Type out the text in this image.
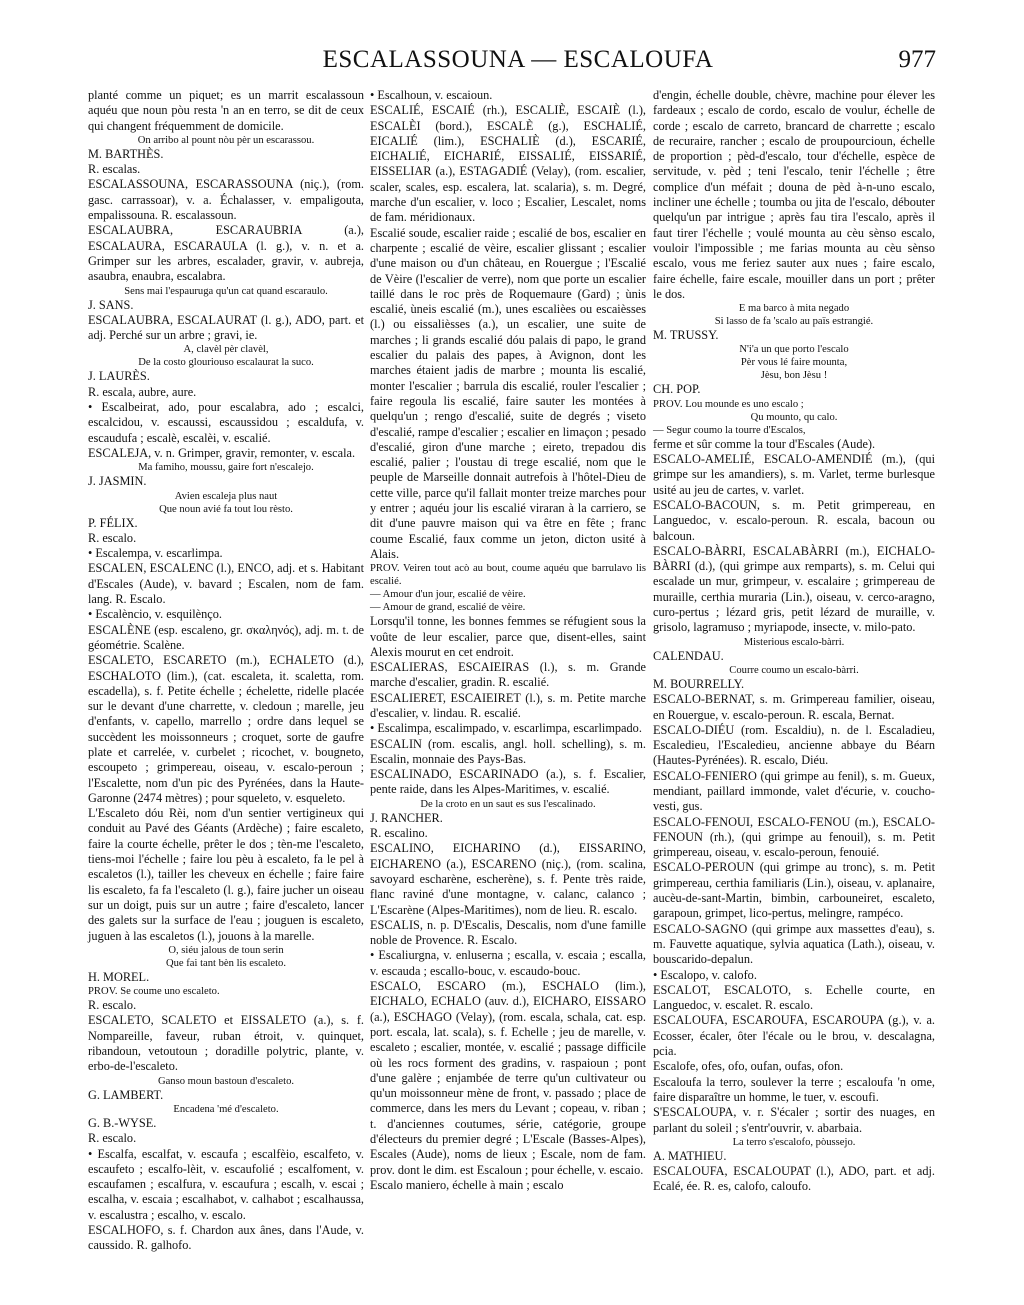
ESCALASSOUNA — ESCALOUFA	977

planté comme un piquet; es un marrit escalassoun aquéu que noun pòu resta 'n an en terro, se dit de ceux qui changent fréquemment de domicile.

On arribo al pount nòu pèr un escarassou.

M. BARTHÈS.

R. escalas.

ESCALASSOUNA, ESCARASSOUNA (niç.), (rom. gasc. carrassoar), v. a. Échalasser, v. empaligouta, empalissouna. R. escalassoun.

ESCALAUBRA, ESCARAUBRIA (a.), ESCALAURA, ESCARAULA (l. g.), v. n. et a. Grimper sur les arbres, escalader, gravir, v. aubreja, asaubra, enaubra, escalabra.

Sens mai l'espauruga qu'un cat quand escaraulo.

J. SANS.

ESCALAUBRA, ESCALAURAT (l. g.), ADO, part. et adj. Perché sur un arbre ; gravi, ie.

A, clavèl pèr clavèl,

De la costo glouriouso escalaurat la suco.

J. LAURÈS.

R. escala, aubre, aure.

• Escalbeirat, ado, pour escalabra, ado ; escalci, escalcidou, v. escaussi, escaussidou ; escaldufa, v. escaudufa ; escalè, escalèi, v. escalié.

ESCALEJA, v. n. Grimper, gravir, remonter, v. escala.

Ma famiho, moussu, gaire fort n'escalejo.

J. JASMIN.

Avien escaleja plus naut

Que noun avié fa tout lou rèsto.

P. FÉLIX.

R. escalo.

• Escalempa, v. escarlimpa.

ESCALEN, ESCALENC (l.), ENCO, adj. et s. Habitant d'Escales (Aude), v. bavard ; Escalen, nom de fam. lang. R. Escalo.

• Escalèncio, v. esquilènço.

ESCALÈNE (esp. escaleno, gr. σκαληνός), adj. m. t. de géométrie. Scalène.

ESCALETO, ESCARETO (m.), ECHALETO (d.), ESCHALOTO (lim.), (cat. escaleta, it. scaletta, rom. escadella), s. f. Petite échelle ; échelette, ridelle placée sur le devant d'une charrette, v. cledoun ; marelle, jeu d'enfants, v. capello, marrello ; ordre dans lequel se succèdent les moissonneurs ; croquet, sorte de gaufre plate et carrelée, v. curbelet ; ricochet, v. bougneto, escoupeto ; grimpereau, oiseau, v. escalo-peroun ; l'Escalette, nom d'un pic des Pyrénées, dans la Haute-Garonne (2474 mètres) ; pour squeleto, v. esqueleto.

L'Escaleto dóu Rèi, nom d'un sentier vertigineux qui conduit au Pavé des Géants (Ardèche) ; faire escaleto, faire la courte échelle, prêter le dos ; tèn-me l'escaleto, tiens-moi l'échelle ; faire lou pèu à escaleto, fa le pel à escaletos (l.), tailler les cheveux en échelle ; faire faire lis escaleto, fa fa l'escaleto (l. g.), faire jucher un oiseau sur un doigt, puis sur un autre ; faire d'escaleto, lancer des galets sur la surface de l'eau ; jouguen is escaleto, juguen à las escaletos (l.), jouons à la marelle.

O, siéu jalous de toun serin

Que fai tant bèn lis escaleto.

H. MOREL.

PROV. Se coume uno escaleto.

R. escalo.

ESCALETO, SCALETO et EISSALETO (a.), s. f. Nompareille, faveur, ruban étroit, v. quinquet, ribandoun, vetoutoun ; doradille polytric, plante, v. erbo-de-l'escaleto.

Ganso moun bastoun d'escaleto.

G. LAMBERT.

Encadena 'mé d'escaleto.

G. B.-WYSE.

R. escalo.

• Escalfa, escalfat, v. escaufa ; escalfèio, escalfeto, v. escaufeto ; escalfo-lèit, v. escaufolié ; escalfoment, v. escaufamen ; escalfura, v. escaufura ; escalh, v. escai ; escalha, v. escaia ; escalhabot, v. calhabot ; escalhaussa, v. escalustra ; escalho, v. escalo.

ESCALHOFO, s. f. Chardon aux ânes, dans l'Aude, v. caussido. R. galhofo.

• Escalhoun, v. escaioun.

ESCALIÉ, ESCAIÉ (rh.), ESCALIÈ, ESCAIÈ (l.), ESCALÈI (bord.), ESCALÈ (g.), ESCHALIÉ, EICALIÉ (lim.), ESCHALIÈ (d.), ESCARIÉ, EICHALIÉ, EICHARIÉ, EISSALIÉ, EISSARIÉ, EISSELIAR (a.), ESTAGADIÉ (Velay), (rom. escalier, scaler, scales, esp. escalera, lat. scalaria), s. m. Degré, marche d'un escalier, v. loco ; Escalier, Lescalet, noms de fam. méridionaux.

Escalié soude, escalier raide ; escalié de bos, escalier en charpente ; escalié de vèire, escalier glissant ; escalier d'une maison ou d'un château, en Rouergue ; l'Escalié de Vèire (l'escalier de verre), nom que porte un escalier taillé dans le roc près de Roquemaure (Gard) ; ùnis escalié, ùneis escalié (m.), unes escalièes ou escaièsses (l.) ou eissalièsses (a.), un escalier, une suite de marches ; li grands escalié dóu palais di papo, le grand escalier du palais des papes, à Avignon, dont les marches étaient jadis de marbre ; mounta lis escalié, monter l'escalier ; barrula dis escalié, rouler l'escalier ; faire regoula lis escalié, faire sauter les montées à quelqu'un ; rengo d'escalié, suite de degrés ; viseto d'escalié, rampe d'escalier ; escalier en limaçon ; pesado d'escalié, giron d'une marche ; eireto, trepadou dis escalié, palier ; l'oustau di trege escalié, nom que le peuple de Marseille donnait autrefois à l'hôtel-Dieu de cette ville, parce qu'il fallait monter treize marches pour y entrer ; aquéu jour lis escalié viraran à la carriero, se dit d'une pauvre maison qui va être en fête ; franc coume Escalié, faux comme un jeton, dicton usité à Alais.

PROV. Veiren tout acò au bout, coume aquéu que barrulavo lis escalié.

— Amour d'un jour, escalié de vèire.

— Amour de grand, escalié de vèire.

Lorsqu'il tonne, les bonnes femmes se réfugient sous la voûte de leur escalier, parce que, disent-elles, saint Alexis mourut en cet endroit.

ESCALIERAS, ESCAIEIRAS (l.), s. m. Grande marche d'escalier, gradin. R. escalié.

ESCALIERET, ESCAIEIRET (l.), s. m. Petite marche d'escalier, v. lindau. R. escalié.

• Escalimpa, escalimpado, v. escarlimpa, escarlimpado.

ESCALIN (rom. escalis, angl. holl. schelling), s. m. Escalin, monnaie des Pays-Bas.

ESCALINADO, ESCARINADO (a.), s. f. Escalier, pente raide, dans les Alpes-Maritimes, v. escalié.

De la croto en un saut es sus l'escalinado.

J. RANCHER.

R. escalino.

ESCALINO, EICHARINO (d.), EISSARINO, EICHARENO (a.), ESCARENO (niç.), (rom. scalina, savoyard escharène, escherène), s. f. Pente très raide, flanc raviné d'une montagne, v. calanc, calanco ; L'Escarène (Alpes-Maritimes), nom de lieu. R. escalo.

ESCALIS, n. p. D'Escalis, Descalis, nom d'une famille noble de Provence. R. Escalo.

• Escaliurgna, v. enluserna ; escalla, v. escaia ; escalla, v. escauda ; escallo-bouc, v. escaudo-bouc.

ESCALO, ESCARO (m.), ESCHALO (lim.), EICHALO, ECHALO (auv. d.), EICHARO, EISSARO (a.), ESCHAGO (Velay), (rom. escala, schala, cat. esp. port. escala, lat. scala), s. f. Echelle ; jeu de marelle, v. escaleto ; escalier, montée, v. escalié ; passage difficile où les rocs forment des gradins, v. raspaioun ; pont d'une galère ; enjambée de terre qu'un cultivateur ou qu'un moissonneur mène de front, v. passado ; place de commerce, dans les mers du Levant ; copeau, v. riban ; t. d'anciennes coutumes, série, catégorie, groupe d'électeurs du premier degré ; L'Escale (Basses-Alpes), Escales (Aude), noms de lieux ; Escale, nom de fam. prov. dont le dim. est Escaloun ; pour échelle, v. escaio.

Escalo maniero, échelle à main ; escalo

d'engin, échelle double, chèvre, machine pour élever les fardeaux ; escalo de cordo, escalo de voulur, échelle de corde ; escalo de carreto, brancard de charrette ; escalo de recuraire, rancher ; escalo de proupourcioun, échelle de proportion ; pèd-d'escalo, tour d'échelle, espèce de servitude, v. pèd ; teni l'escalo, tenir l'échelle ; être complice d'un méfait ; douna de pèd à-n-uno escalo, incliner une échelle ; toumba ou jita de l'escalo, débouter quelqu'un par intrigue ; après fau tira l'escalo, après il faut tirer l'échelle ; voulé mounta au cèu sènso escalo, vouloir l'impossible ; me farias mounta au cèu sènso escalo, vous me feriez sauter aux nues ; faire escalo, faire échelle, faire escale, mouiller dans un port ; prêter le dos.

E ma barco à mita negado

Si lasso de fa 'scalo au païs estrangié.

M. TRUSSY.

N'i'a un que porto l'escalo

Pèr vous lé faire mounta,

Jèsu, bon Jèsu !

CH. POP.

PROV. Lou mounde es uno escalo ;

Qu mounto, qu calo.

— Segur coumo la tourre d'Escalos,

ferme et sûr comme la tour d'Escales (Aude).

ESCALO-AMELIÉ, ESCALO-AMENDIÉ (m.), (qui grimpe sur les amandiers), s. m. Varlet, terme burlesque usité au jeu de cartes, v. varlet.

ESCALO-BACOUN, s. m. Petit grimpereau, en Languedoc, v. escalo-peroun. R. escala, bacoun ou balcoun.

ESCALO-BÀRRI, ESCALABÀRRI (m.), EICHALO-BÀRRI (d.), (qui grimpe aux remparts), s. m. Celui qui escalade un mur, grimpeur, v. escalaire ; grimpereau de muraille, certhia muraria (Lin.), oiseau, v. cerco-aragno, curo-pertus ; lézard gris, petit lézard de muraille, v. grisolo, lagramuso ; myriapode, insecte, v. milo-pato.

Misterious escalo-bàrri.

CALENDAU.

Courre coumo un escalo-bàrri.

M. BOURRELLY.

ESCALO-BERNAT, s. m. Grimpereau familier, oiseau, en Rouergue, v. escalo-peroun. R. escala, Bernat.

ESCALO-DIÉU (rom. Escaldiu), n. de l. Escaladieu, Escaledieu, l'Escaledieu, ancienne abbaye du Béarn (Hautes-Pyrénées). R. escalo, Diéu.

ESCALO-FENIERO (qui grimpe au fenil), s. m. Gueux, mendiant, paillard immonde, valet d'écurie, v. coucho-vesti, gus.

ESCALO-FENOUI, ESCALO-FENOU (m.), ESCALO-FENOUN (rh.), (qui grimpe au fenouil), s. m. Petit grimpereau, oiseau, v. escalo-peroun, fenouié.

ESCALO-PEROUN (qui grimpe au tronc), s. m. Petit grimpereau, certhia familiaris (Lin.), oiseau, v. aplanaire, aucèu-de-sant-Martin, bimbin, carbouneiret, escaleto, garapoun, grimpet, lico-pertus, melingre, rampéco.

ESCALO-SAGNO (qui grimpe aux massettes d'eau), s. m. Fauvette aquatique, sylvia aquatica (Lath.), oiseau, v. bouscarido-depalun.

• Escalopo, v. calofo.

ESCALOT, ESCALOTO, s. Echelle courte, en Languedoc, v. escalet. R. escalo.

ESCALOUFA, ESCAROUFA, ESCAROUPA (g.), v. a. Ecosser, écaler, ôter l'écale ou le brou, v. descalagna, pcia.

Escalofe, ofes, ofo, oufan, oufas, ofon.

Escaloufa la terro, soulever la terre ; escaloufa 'n ome, faire disparaître un homme, le tuer, v. escoufi.

S'ESCALOUPA, v. r. S'écaler ; sortir des nuages, en parlant du soleil ; s'entr'ouvrir, v. abarbaia.

La terro s'escalofo, pòussejo.

A. MATHIEU.

ESCALOUFA, ESCALOUPAT (l.), ADO, part. et adj. Ecalé, ée. R. es, calofo, caloufo.
